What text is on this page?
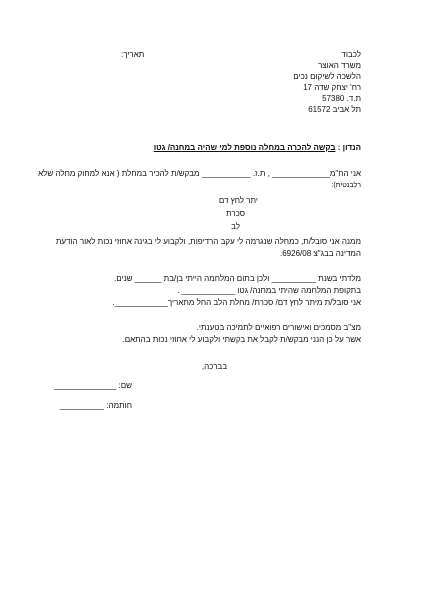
תאריך:	לכבוד

משרד האוצר

הלשכה לשיקום נכים

רח' יצחק שדה 17

ת.ד. 57380

תל אביב 61572

הנדון : בקשה להכרה במחלה נוספת למי שהיה במחנה/ גטו

אני הח"מ_____________ , ת.ז. ___________ מבקש/ת להכיר במחלת ( אנא למחוק מחלה שלא

רלבנטית):

יתר לחץ דם

סכרת

לב

ממנה אני סובל/ת, כמחלה שנגרמה לי עקב הרדיפות, ולקבוע לי בגינה אחוזי נכות לאור הודעת

המדינה בבג"צ 6926/08.

מלדתי בשנת __________ ולכן בתום המלחמה הייתי בן/בת ______ שנים.

בתקופת המלחמה שהיתי במחנה/ גטו ____________ .

אני סובל/ת מיתר לחץ דם/ סכרת/ מחלת הלב החל מתאריך____________.

מצ"ב מסמכים ואישורים רפואיים לתמיכה בטענתי.

אשר על כן הנני מבקש/ת לקבל את בקשתי ולקבוע לי אחוזי נכות בהתאם.

בברכה,

שם: ______________

חותמה: __________
